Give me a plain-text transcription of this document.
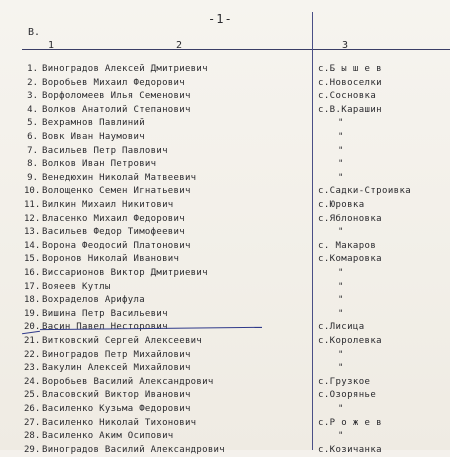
-1-
В.
1	2	3
1. Виноградов Алексей Дмитриевич	с.Б ы ш е в
2. Воробьев Михаил Федорович	с.Новоселки
3. Ворфоломеев Илья Семенович	с.Сосновка
4. Волков Анатолий Степанович	с.В.Карашин
5. Вехрамнов Павлиний	"
6. Вовк Иван Наумович	"
7. Васильев Петр Павлович	"
8. Волков Иван Петрович	"
9. Венедюхин Николай Матвеевич	"
10. Волощенко Семен Игнатьевич	с.Садки-Строивка
11. Вилкин Михаил Никитович	с.Юровка
12. Власенко Михаил Федорович	с.Яблоновка
13. Васильев Федор Тимофеевич	"
14. Ворона Феодосий Платонович	с. Макаров
15. Воронов Николай Иванович	с.Комаровка
16. Виссарионов Виктор Дмитриевич	"
17. Вояеев Кутлы	"
18. Вохраделов Арифула	"
19. Вишина Петр Васильевич	"
20. Васин Павел Несторович	с.Лисица
21. Витковский Сергей Алексеевич	с.Королевка
22. Виноградов Петр Михайлович	"
23. Вакулин Алексей Михайлович	"
24. Воробьев Василий Александрович	с.Грузкое
25. Власовский Виктор Иванович	с.Озорянье
26. Василенко Кузьма Федорович	"
27. Василенко Николай Тихонович	с.Р о ж е в
28. Василенко Аким Осипович	"
29. Виноградов Василий Александрович	с.Козичанка
